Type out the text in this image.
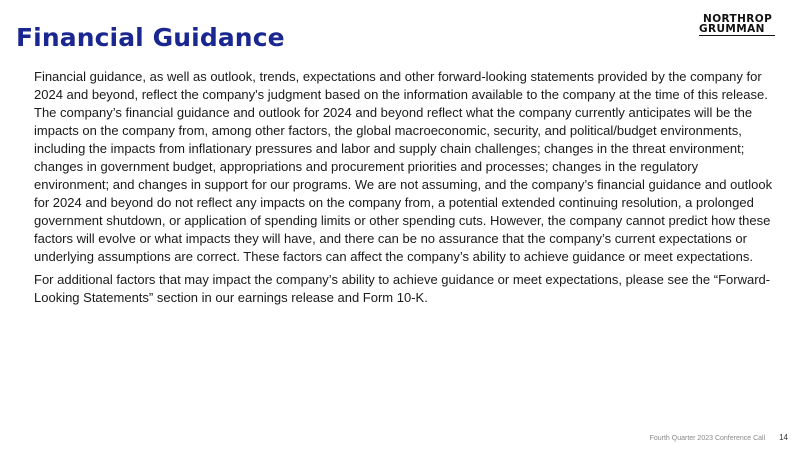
Financial Guidance
NORTHROP
GRUMMAN

Financial guidance, as well as outlook, trends, expectations and other forward-looking statements provided by the company for 2024 and beyond, reflect the company's judgment based on the information available to the company at the time of this release. The company’s financial guidance and outlook for 2024 and beyond reflect what the company currently anticipates will be the impacts on the company from, among other factors, the global macroeconomic, security, and political/budget environments, including the impacts from inflationary pressures and labor and supply chain challenges; changes in the threat environment; changes in government budget, appropriations and procurement priorities and processes; changes in the regulatory environment; and changes in support for our programs. We are not assuming, and the company’s financial guidance and outlook for 2024 and beyond do not reflect any impacts on the company from, a potential extended continuing resolution, a prolonged government shutdown, or application of spending limits or other spending cuts. However, the company cannot predict how these factors will evolve or what impacts they will have, and there can be no assurance that the company’s current expectations or underlying assumptions are correct. These factors can affect the company’s ability to achieve guidance or meet expectations.

For additional factors that may impact the company’s ability to achieve guidance or meet expectations, please see the “Forward-Looking Statements” section in our earnings release and Form 10-K.

Fourth Quarter 2023 Conference Call 14
